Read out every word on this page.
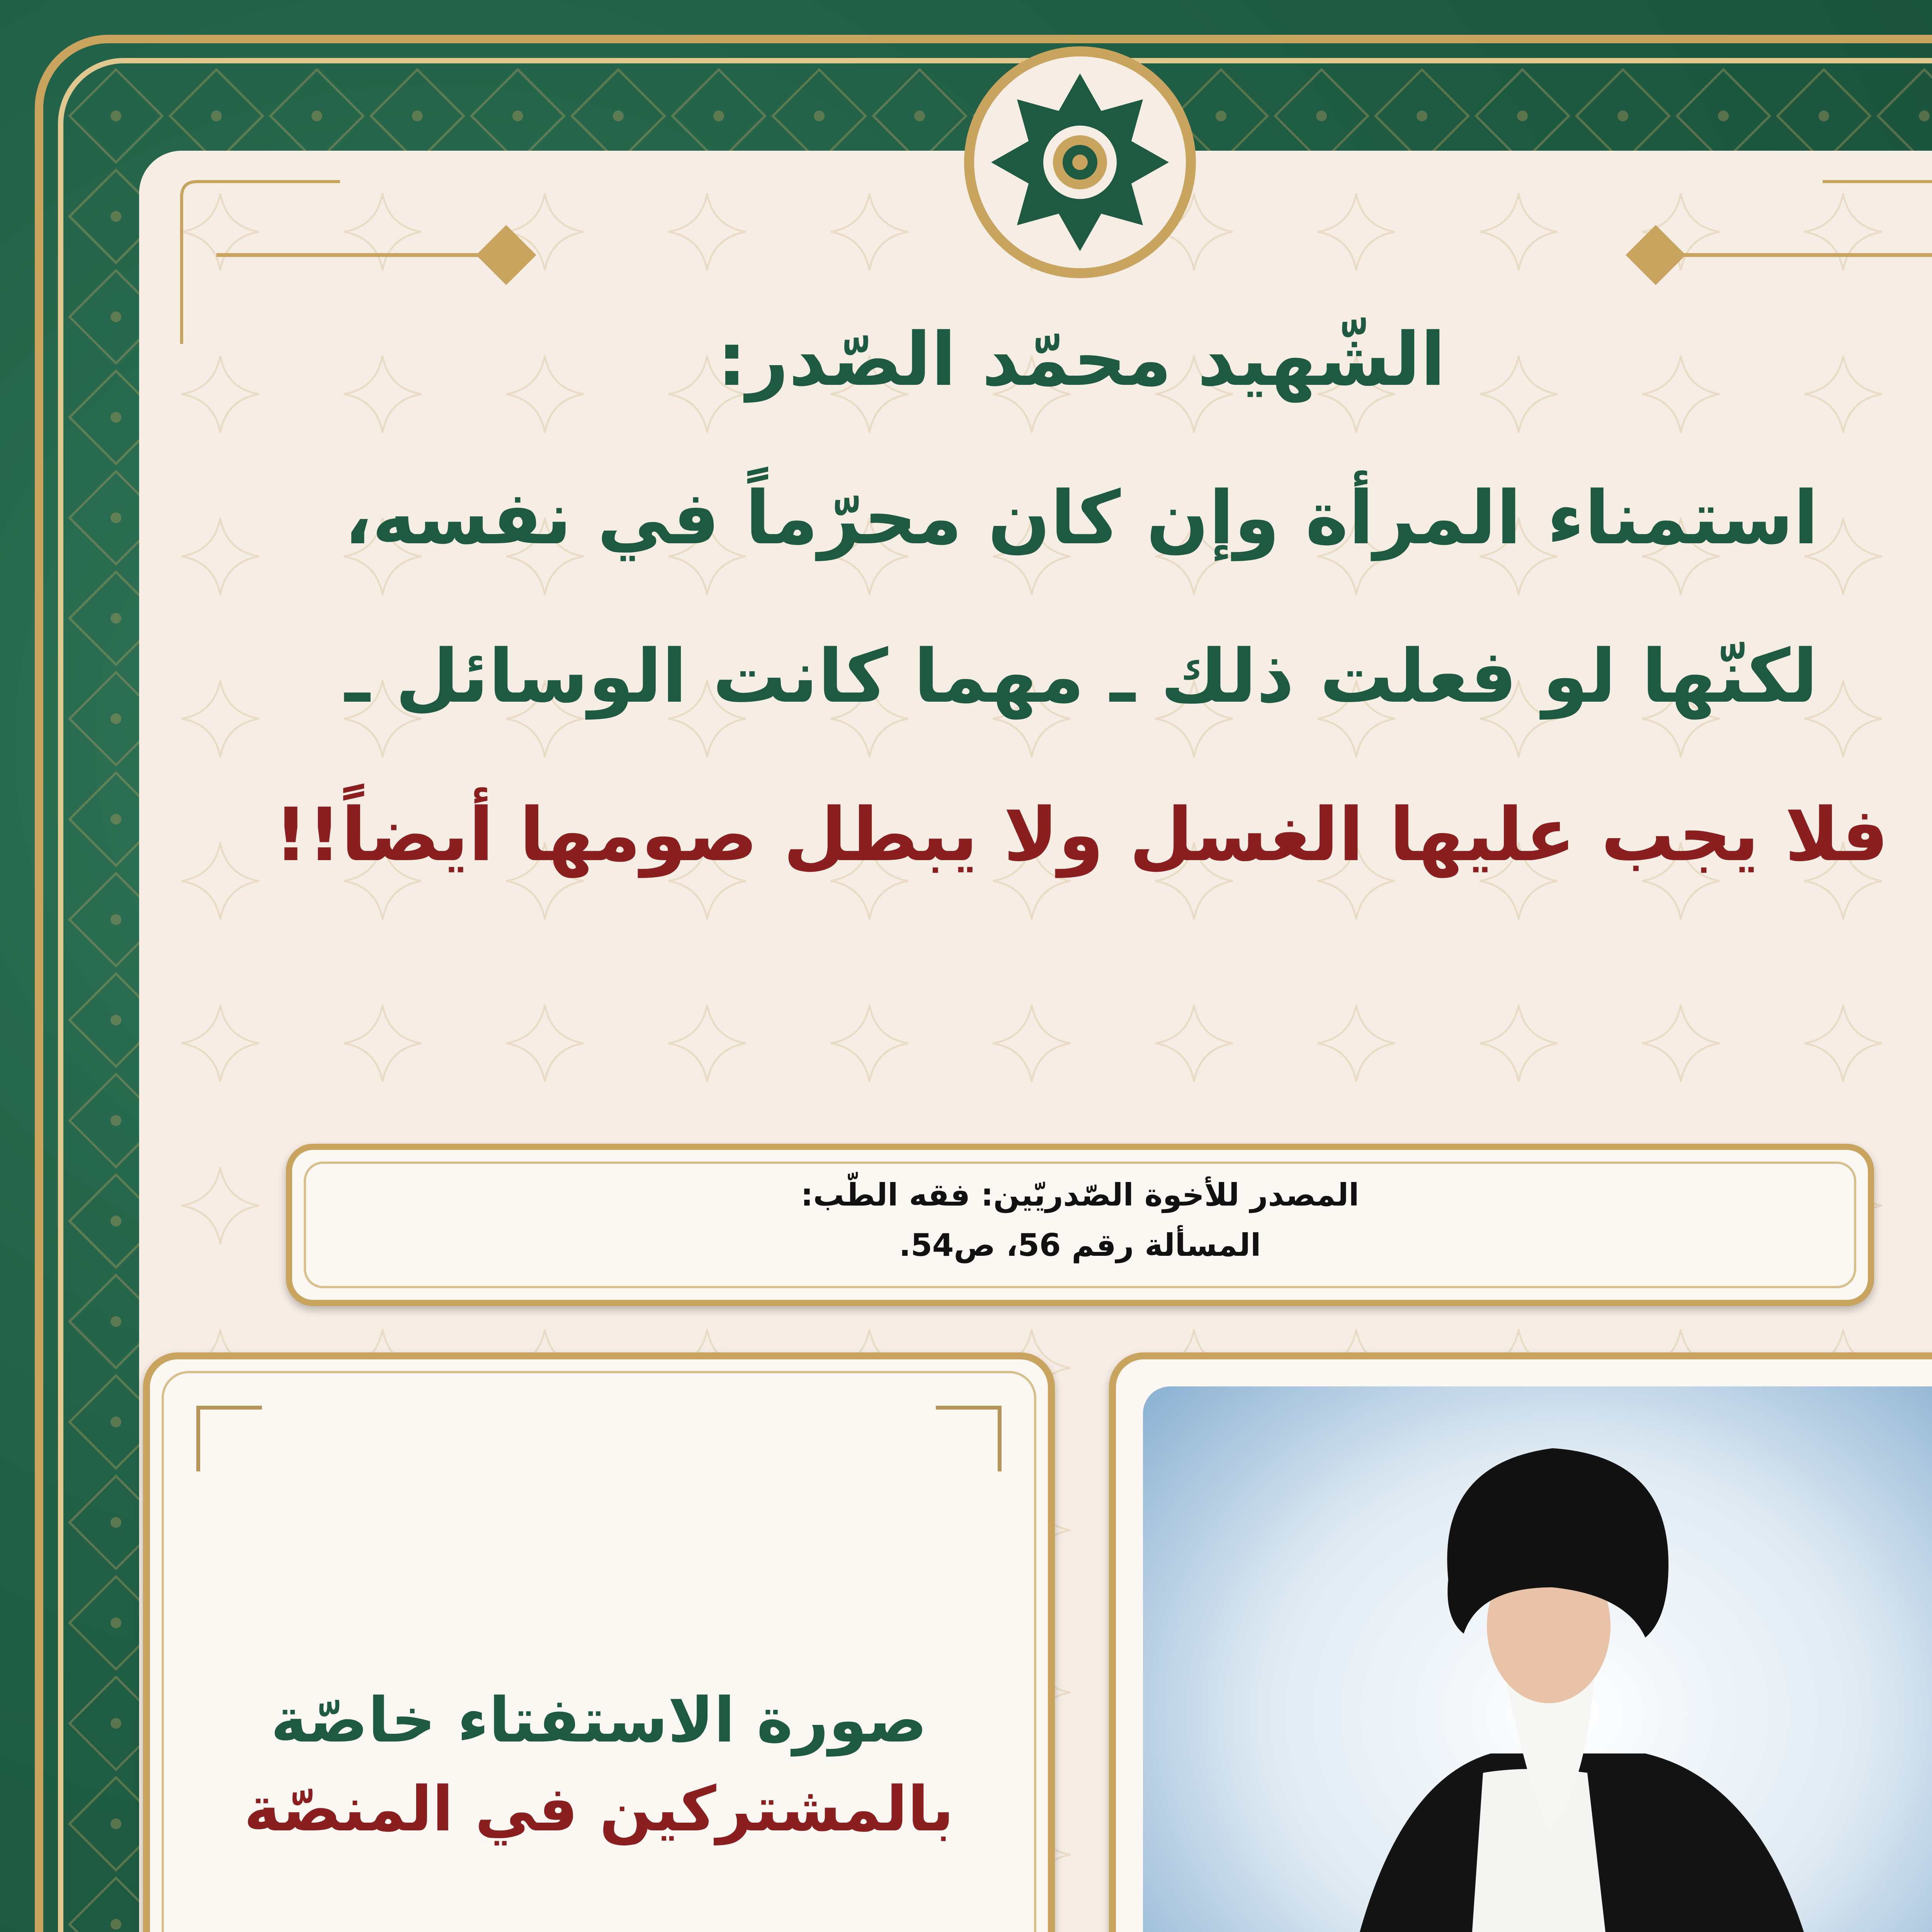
الشّهيد محمّد الصّدر:
استمناء المرأة وإن كان محرّماً في نفسه،
لكنّها لو فعلت ذلك ـ مهما كانت الوسائل ـ
فلا يجب عليها الغسل ولا يبطل صومها أيضاً!!
المصدر للأخوة الصّدريّين: فقه الطّب:
المسألة رقم 56، ص54.
صورة الاستفتاء خاصّة
بالمشتركين في المنصّة
